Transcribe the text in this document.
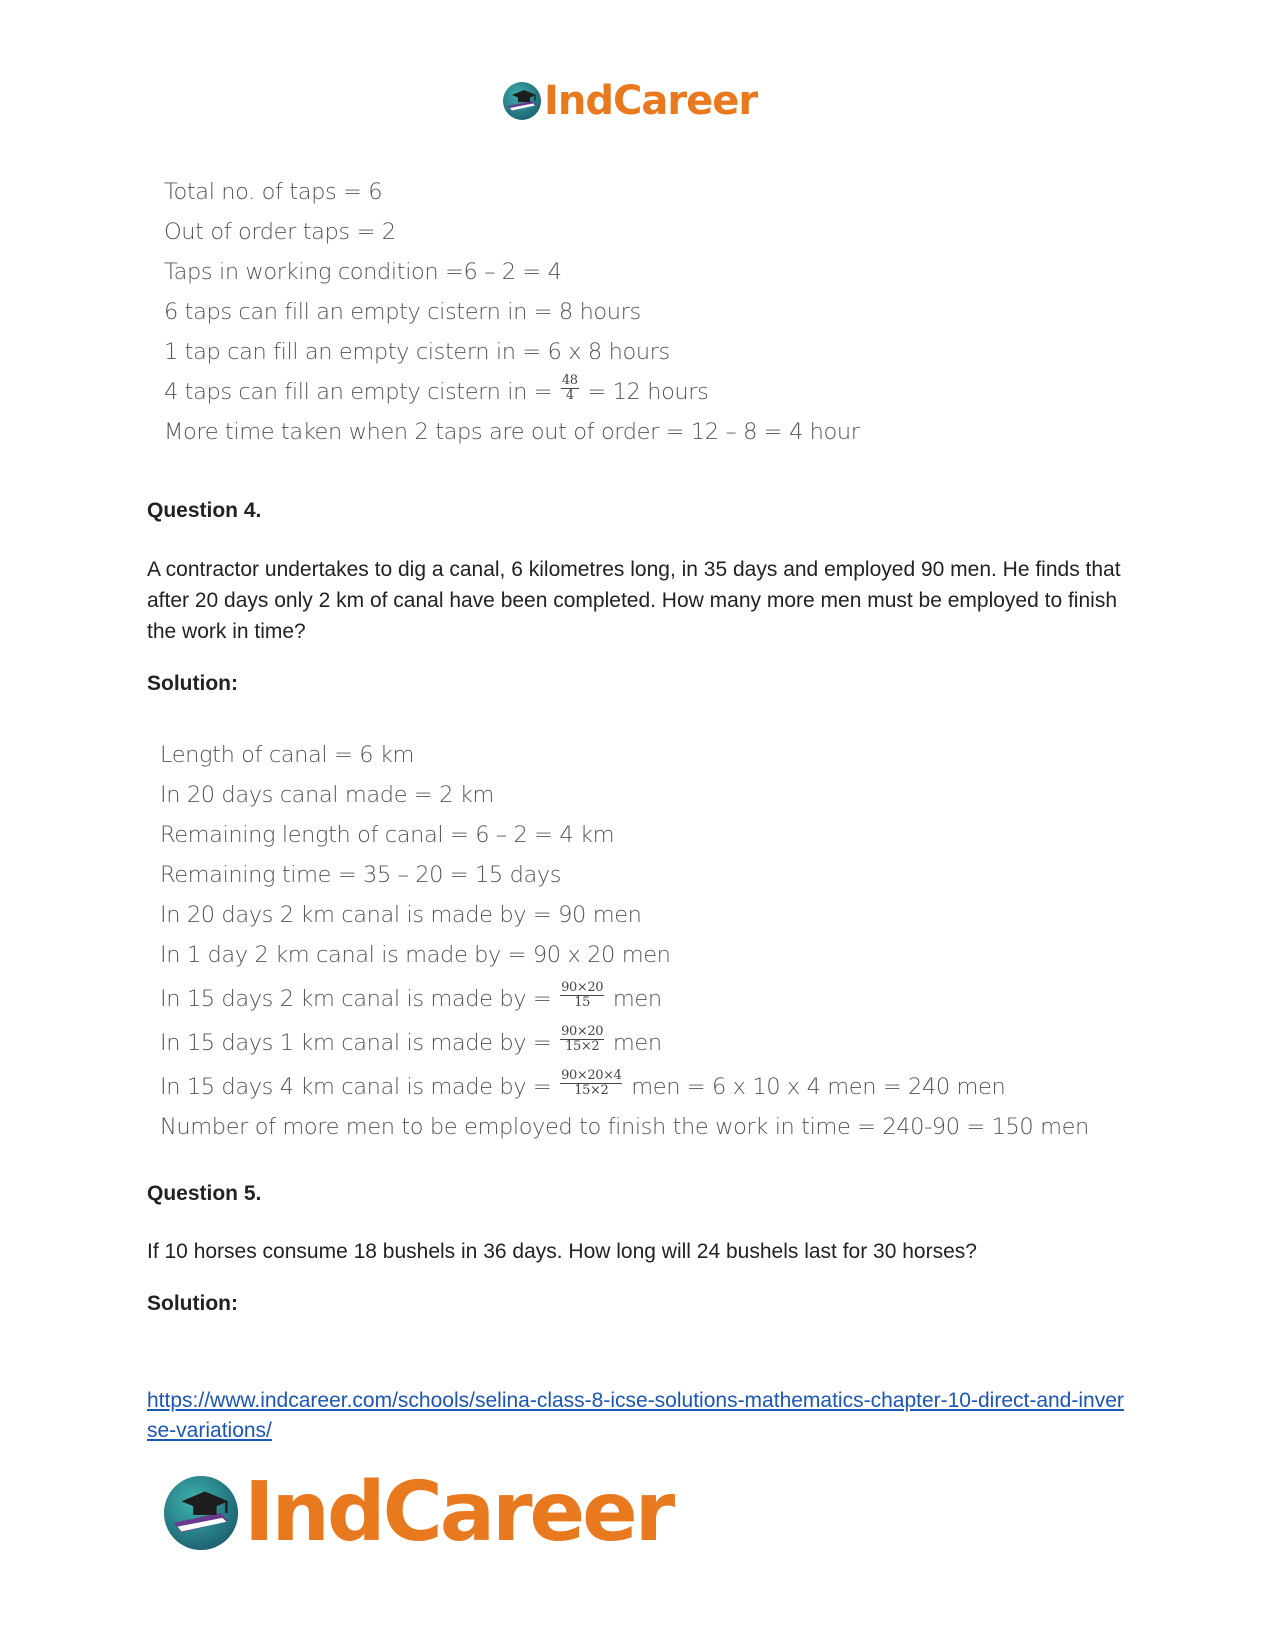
IndCareer
Total no. of taps = 6
Out of order taps = 2
Taps in working condition =6 – 2 = 4
6 taps can fill an empty cistern in = 8 hours
1 tap can fill an empty cistern in = 6 x 8 hours
4 taps can fill an empty cistern in = $\frac{48}{4} = 12$ hours
More time taken when 2 taps are out of order = 12 – 8 = 4 hour
Question 4.
A contractor undertakes to dig a canal, 6 kilometres long, in 35 days and employed 90 men. He finds that after 20 days only 2 km of canal have been completed. How many more men must be employed to finish the work in time?
Solution:
Length of canal = 6 km
In 20 days canal made = 2 km
Remaining length of canal = 6 – 2 = 4 km
Remaining time = 35 – 20 = 15 days
In 20 days 2 km canal is made by = 90 men
In 1 day 2 km canal is made by = 90 x 20 men
In 15 days 2 km canal is made by = $\frac{90\times 20}{15}$ men
In 15 days 1 km canal is made by = $\frac{90\times 20}{15\times 2}$ men
In 15 days 4 km canal is made by = $\frac{90\times 20\times 4}{15\times 2}$ men = 6 x 10 x 4 men = 240 men
Number of more men to be employed to finish the work in time = 240-90 = 150 men
Question 5.
If 10 horses consume 18 bushels in 36 days. How long will 24 bushels last for 30 horses?
Solution:
https://www.indcareer.com/schools/selina-class-8-icse-solutions-mathematics-chapter-10-direct-and-inverse-variations/
IndCareer
